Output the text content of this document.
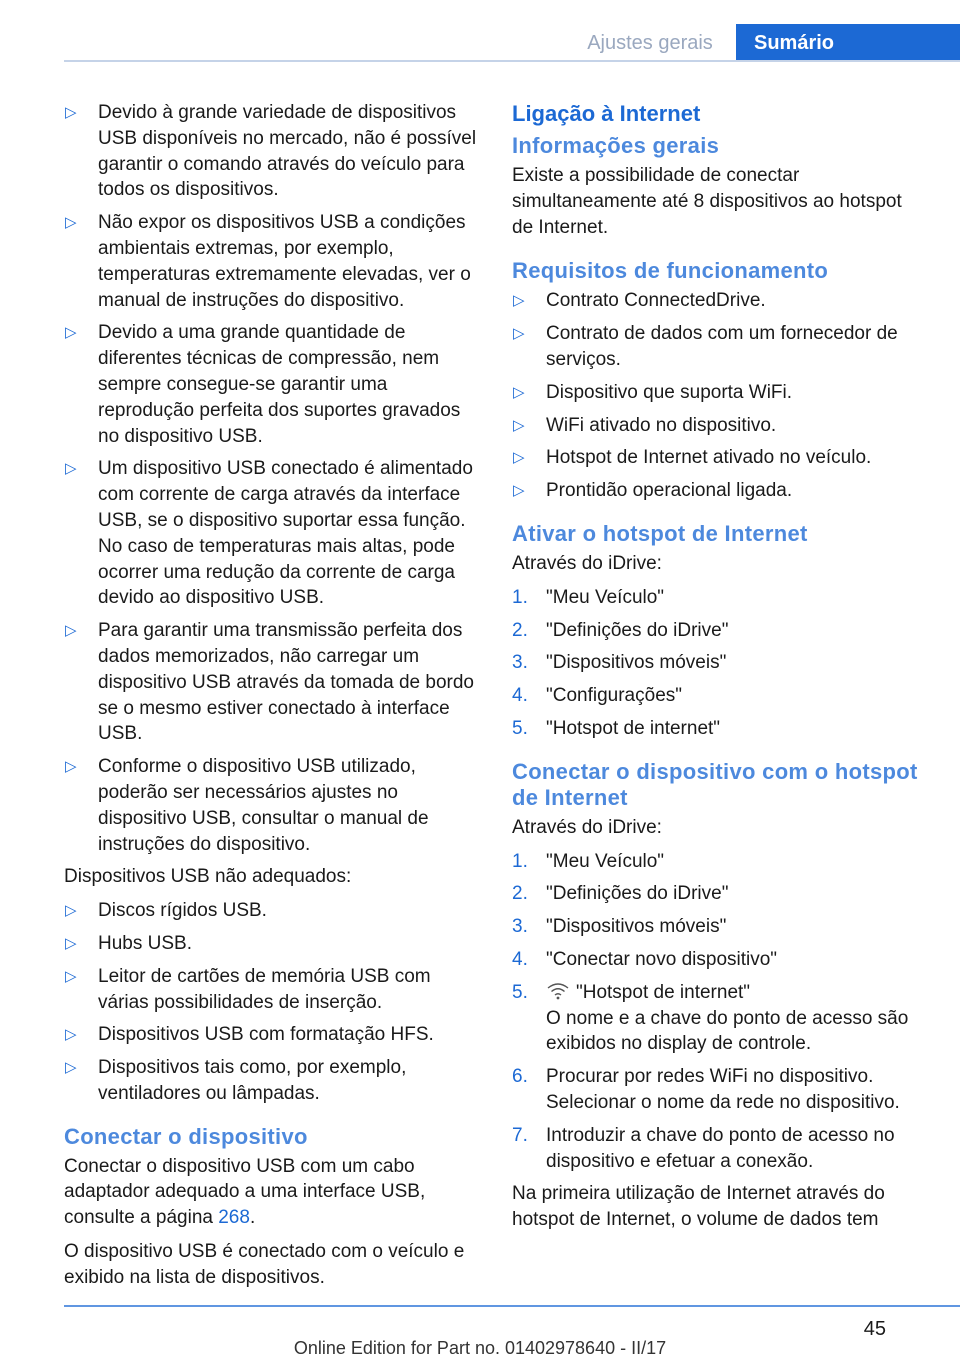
Ajustes gerais	Sumário
▷ Devido à grande variedade de dispositivos USB disponíveis no mercado, não é possível garantir o comando através do veículo para todos os dispositivos.
▷ Não expor os dispositivos USB a condições ambientais extremas, por exemplo, temperaturas extremamente elevadas, ver o manual de instruções do dispositivo.
▷ Devido a uma grande quantidade de diferentes técnicas de compressão, nem sempre consegue-se garantir uma reprodução perfeita dos suportes gravados no dispositivo USB.
▷ Um dispositivo USB conectado é alimentado com corrente de carga através da interface USB, se o dispositivo suportar essa função. No caso de temperaturas mais altas, pode ocorrer uma redução da corrente de carga devido ao dispositivo USB.
▷ Para garantir uma transmissão perfeita dos dados memorizados, não carregar um dispositivo USB através da tomada de bordo se o mesmo estiver conectado à interface USB.
▷ Conforme o dispositivo USB utilizado, poderão ser necessários ajustes no dispositivo USB, consultar o manual de instruções do dispositivo.

Dispositivos USB não adequados:

▷ Discos rígidos USB.
▷ Hubs USB.
▷ Leitor de cartões de memória USB com várias possibilidades de inserção.
▷ Dispositivos USB com formatação HFS.
▷ Dispositivos tais como, por exemplo, ventiladores ou lâmpadas.
Conectar o dispositivo

Conectar o dispositivo USB com um cabo adaptador adequado a uma interface USB, consulte a página 268.

O dispositivo USB é conectado com o veículo e exibido na lista de dispositivos.

Ligação à Internet
Informações gerais

Existe a possibilidade de conectar simultaneamente até 8 dispositivos ao hotspot de Internet.

Requisitos de funcionamento
▷ Contrato ConnectedDrive.
▷ Contrato de dados com um fornecedor de serviços.
▷ Dispositivo que suporta WiFi.
▷ WiFi ativado no dispositivo.
▷ Hotspot de Internet ativado no veículo.
▷ Prontidão operacional ligada.
Ativar o hotspot de Internet

Através do iDrive:

1. "Meu Veículo"
2. "Definições do iDrive"
3. "Dispositivos móveis"
4. "Configurações"
5. "Hotspot de internet"
Conectar o dispositivo com o hotspot de Internet

Através do iDrive:

1. "Meu Veículo"
2. "Definições do iDrive"
3. "Dispositivos móveis"
4. "Conectar novo dispositivo"
5.	"Hotspot de internet"
O nome e a chave do ponto de acesso são exibidos no display de controle.
6. Procurar por redes WiFi no dispositivo. Selecionar o nome da rede no dispositivo.
7. Introduzir a chave do ponto de acesso no dispositivo e efetuar a conexão.

Na primeira utilização de Internet através do hotspot de Internet, o volume de dados tem

45
Online Edition for Part no. 01402978640 - II/17
